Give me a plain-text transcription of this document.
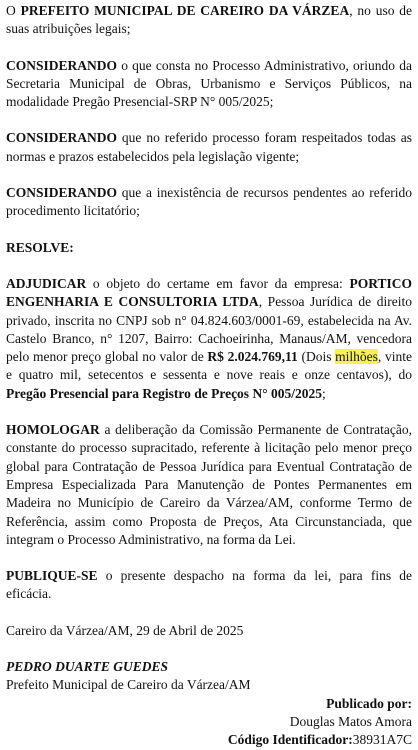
O PREFEITO MUNICIPAL DE CAREIRO DA VÁRZEA, no uso de suas atribuições legais;

CONSIDERANDO o que consta no Processo Administrativo, oriundo da Secretaria Municipal de Obras, Urbanismo e Serviços Públicos, na modalidade Pregão Presencial-SRP N° 005/2025;

CONSIDERANDO que no referido processo foram respeitados todas as normas e prazos estabelecidos pela legislação vigente;

CONSIDERANDO que a inexistência de recursos pendentes ao referido procedimento licitatório;

RESOLVE:

ADJUDICAR o objeto do certame em favor da empresa: PORTICO ENGENHARIA E CONSULTORIA LTDA, Pessoa Jurídica de direito privado, inscrita no CNPJ sob n° 04.824.603/0001-69, estabelecida na Av. Castelo Branco, n° 1207, Bairro: Cachoeirinha, Manaus/AM, vencedora pelo menor preço global no valor de R$ 2.024.769,11 (Dois milhões, vinte e quatro mil, setecentos e sessenta e nove reais e onze centavos), do Pregão Presencial para Registro de Preços N° 005/2025;

HOMOLOGAR a deliberação da Comissão Permanente de Contratação, constante do processo supracitado, referente à licitação pelo menor preço global para Contratação de Pessoa Jurídica para Eventual Contratação de Empresa Especializada Para Manutenção de Pontes Permanentes em Madeira no Município de Careiro da Várzea/AM, conforme Termo de Referência, assim como Proposta de Preços, Ata Circunstanciada, que integram o Processo Administrativo, na forma da Lei.

PUBLIQUE-SE o presente despacho na forma da lei, para fins de eficácia.

Careiro da Várzea/AM, 29 de Abril de 2025

PEDRO DUARTE GUEDES

Prefeito Municipal de Careiro da Várzea/AM

Publicado por:

Douglas Matos Amora

Código Identificador:38931A7C
